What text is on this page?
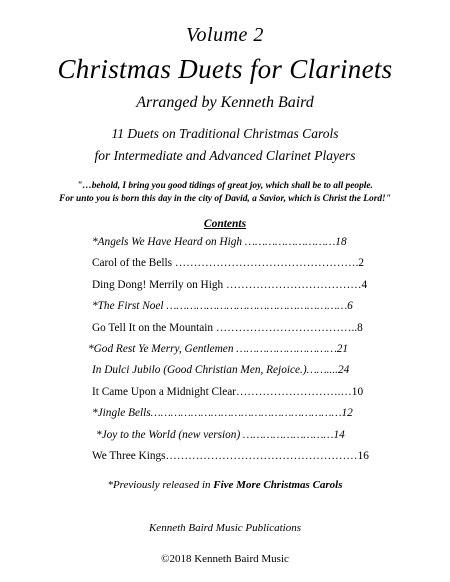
Volume 2
Christmas Duets for Clarinets
Arranged by Kenneth Baird
11 Duets on Traditional Christmas Carols
for Intermediate and Advanced Clarinet Players
"…behold, I bring you good tidings of great joy, which shall be to all people.
For unto you is born this day in the city of David, a Savior, which is Christ the Lord!"
Contents
*Angels We Have Heard on High ………………………18
Carol of the Bells ………………………………………….2
Ding Dong! Merrily on High ………………………………4
*The First Noel ………………………………………………6
Go Tell It on the Mountain ………………………………..8
*God Rest Ye Merry, Gentlemen …………………………21
In Dulci Jubilo (Good Christian Men, Rejoice.)……....24
It Came Upon a Midnight Clear……………………….…10
*Jingle Bells…………………………………………………12
*Joy to the World (new version) ………………………14
We Three Kings……………………………………………16
*Previously released in Five More Christmas Carols
Kenneth Baird Music Publications
©2018 Kenneth Baird Music
